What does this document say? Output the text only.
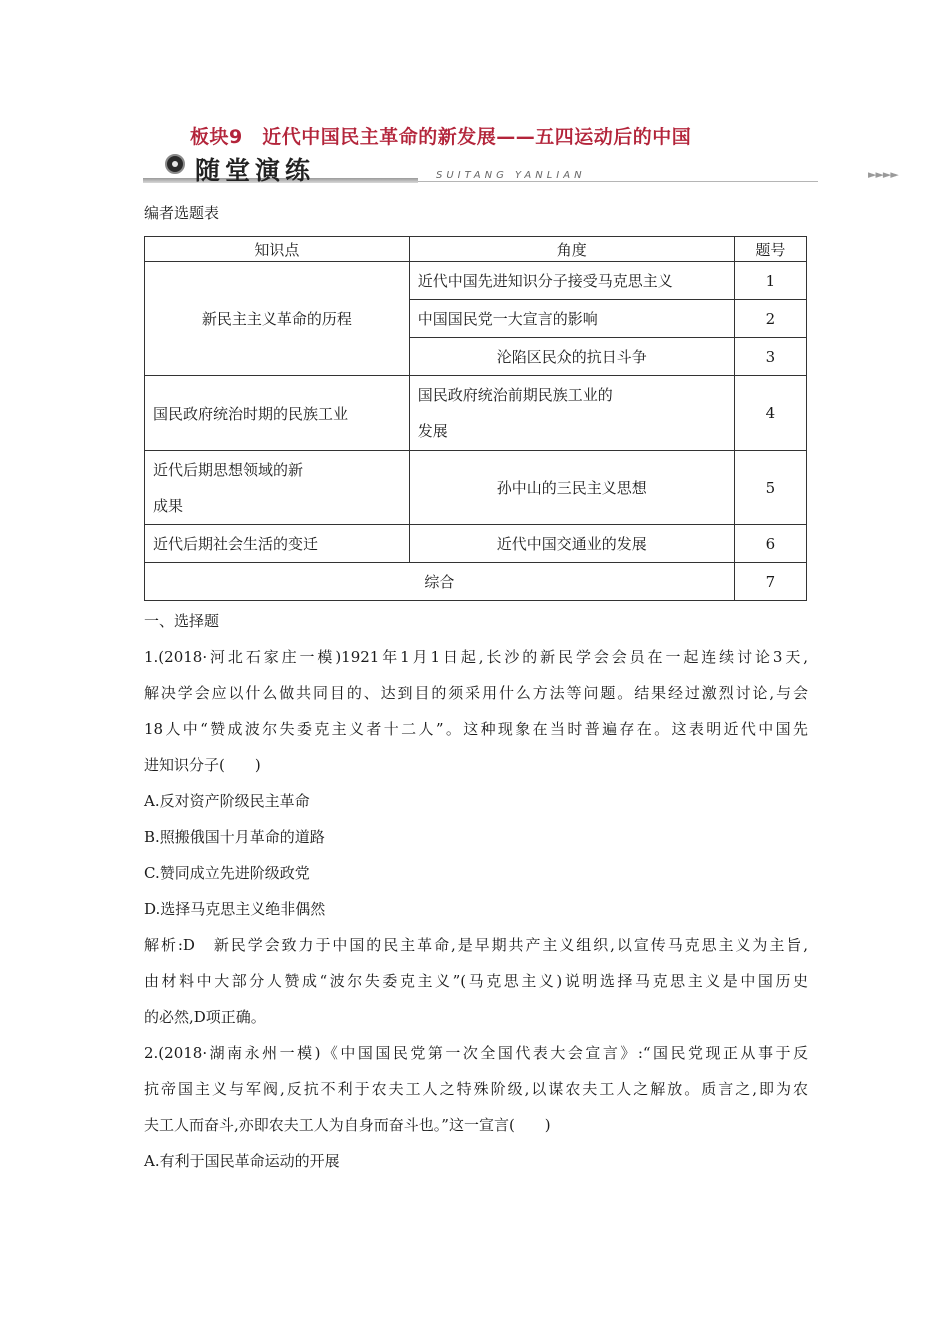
板块9　近代中国民主革命的新发展——五四运动后的中国
随堂演练	SUITANG YANLIAN	►►►►
编者选题表
知识点	角度	题号
新民主主义革命的历程	近代中国先进知识分子接受马克思主义	1
	中国国民党一大宣言的影响	2
	沦陷区民众的抗日斗争	3
国民政府统治时期的民族工业	国民政府统治前期民族工业的
发展	4

近代后期思想领域的新
成果	孙中山的三民主义思想	5
近代后期社会生活的变迁	近代中国交通业的发展	6
综合		7

一、选择题

1.(2018·河北石家庄一模)1921年1月1日起,长沙的新民学会会员在一起连续讨论3天,

解决学会应以什么做共同目的、达到目的须采用什么方法等问题。结果经过激烈讨论,与会

18人中“赞成波尔失委克主义者十二人”。这种现象在当时普遍存在。这表明近代中国先

进知识分子(　　)

A.反对资产阶级民主革命

B.照搬俄国十月革命的道路

C.赞同成立先进阶级政党

D.选择马克思主义绝非偶然

解析:D　新民学会致力于中国的民主革命,是早期共产主义组织,以宣传马克思主义为主旨,

由材料中大部分人赞成“波尔失委克主义”(马克思主义)说明选择马克思主义是中国历史

的必然,D项正确。

2.(2018·湖南永州一模)《中国国民党第一次全国代表大会宣言》:“国民党现正从事于反

抗帝国主义与军阀,反抗不利于农夫工人之特殊阶级,以谋农夫工人之解放。质言之,即为农

夫工人而奋斗,亦即农夫工人为自身而奋斗也。”这一宣言(　　)

A.有利于国民革命运动的开展
